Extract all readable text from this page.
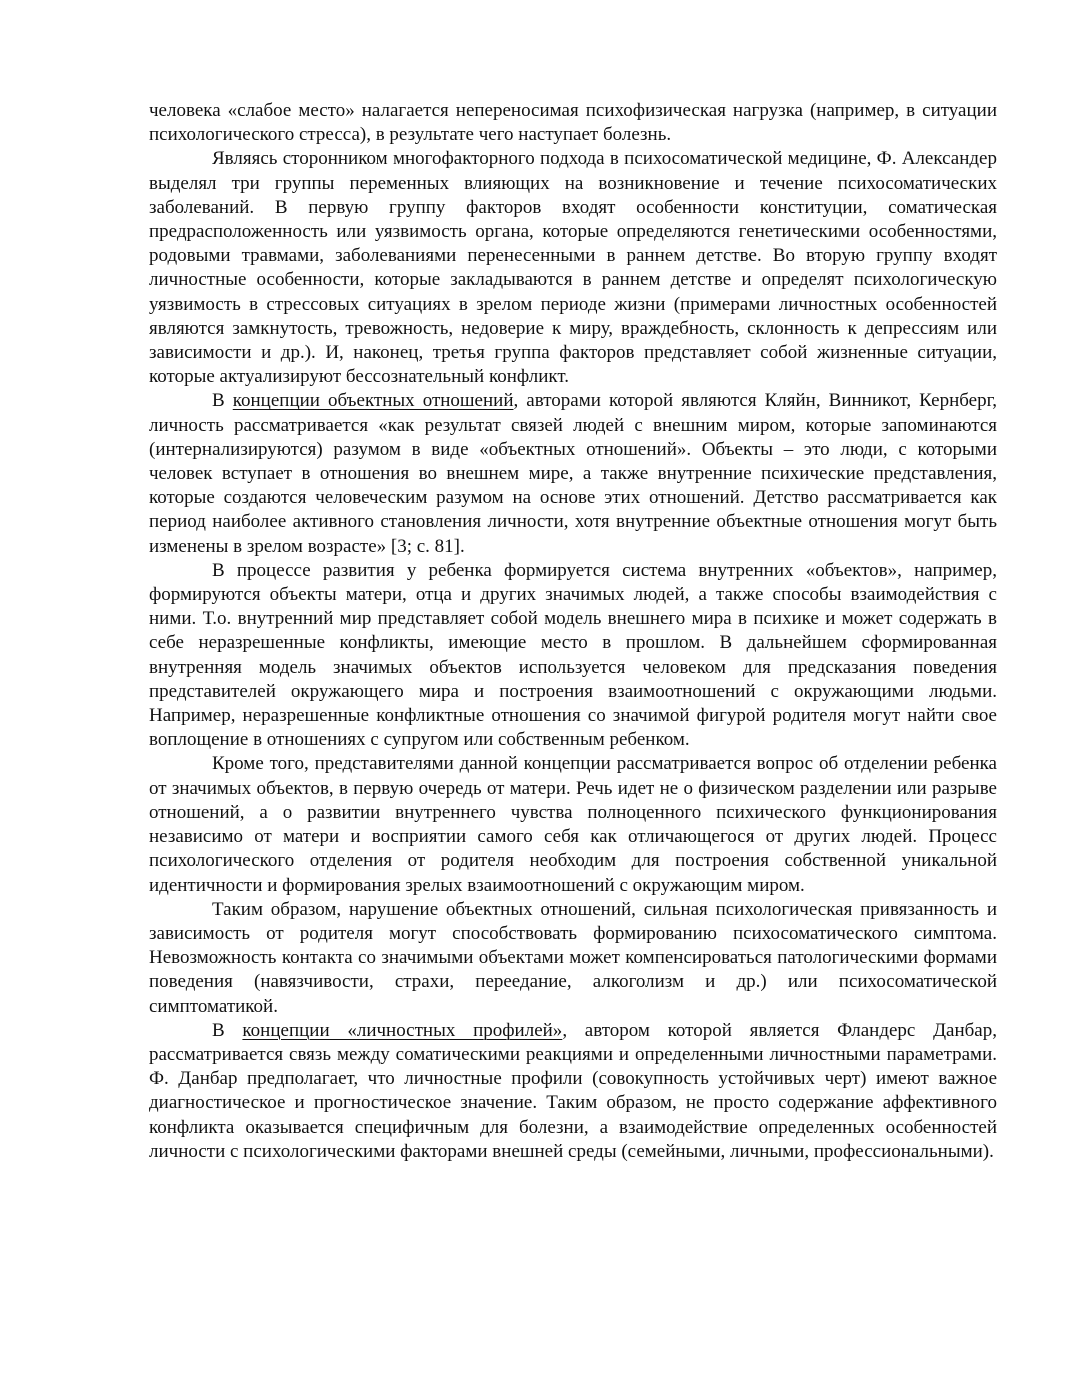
человека «слабое место» налагается непереносимая психофизическая нагрузка (например, в ситуации психологического стресса), в результате чего наступает болезнь.

Являясь сторонником многофакторного подхода в психосоматической медицине, Ф. Александер выделял три группы переменных влияющих на возникновение и течение психосоматических заболеваний. В первую группу факторов входят особенности конституции, соматическая предрасположенность или уязвимость органа, которые определяются генетическими особенностями, родовыми травмами, заболеваниями перенесенными в раннем детстве. Во вторую группу входят личностные особенности, которые закладываются в раннем детстве и определят психологическую уязвимость в стрессовых ситуациях в зрелом периоде жизни (примерами личностных особенностей являются замкнутость, тревожность, недоверие к миру, враждебность, склонность к депрессиям или зависимости и др.). И, наконец, третья группа факторов представляет собой жизненные ситуации, которые актуализируют бессознательный конфликт.

В концепции объектных отношений, авторами которой являются Кляйн, Винникот, Кернберг, личность рассматривается «как результат связей людей с внешним миром, которые запоминаются (интернализируются) разумом в виде «объектных отношений». Объекты – это люди, с которыми человек вступает в отношения во внешнем мире, а также внутренние психические представления, которые создаются человеческим разумом на основе этих отношений. Детство рассматривается как период наиболее активного становления личности, хотя внутренние объектные отношения могут быть изменены в зрелом возрасте» [3; с. 81].

В процессе развития у ребенка формируется система внутренних «объектов», например, формируются объекты матери, отца и других значимых людей, а также способы взаимодействия с ними. Т.о. внутренний мир представляет собой модель внешнего мира в психике и может содержать в себе неразрешенные конфликты, имеющие место в прошлом. В дальнейшем сформированная внутренняя модель значимых объектов используется человеком для предсказания поведения представителей окружающего мира и построения взаимоотношений с окружающими людьми. Например, неразрешенные конфликтные отношения со значимой фигурой родителя могут найти свое воплощение в отношениях с супругом или собственным ребенком.

Кроме того, представителями данной концепции рассматривается вопрос об отделении ребенка от значимых объектов, в первую очередь от матери. Речь идет не о физическом разделении или разрыве отношений, а о развитии внутреннего чувства полноценного психического функционирования независимо от матери и восприятии самого себя как отличающегося от других людей. Процесс психологического отделения от родителя необходим для построения собственной уникальной идентичности и формирования зрелых взаимоотношений с окружающим миром.

Таким образом, нарушение объектных отношений, сильная психологическая привязанность и зависимость от родителя могут способствовать формированию психосоматического симптома. Невозможность контакта со значимыми объектами может компенсироваться патологическими формами поведения (навязчивости, страхи, переедание, алкоголизм и др.) или психосоматической симптоматикой.

В концепции «личностных профилей», автором которой является Фландерс Данбар, рассматривается связь между соматическими реакциями и определенными личностными параметрами. Ф. Данбар предполагает, что личностные профили (совокупность устойчивых черт) имеют важное диагностическое и прогностическое значение. Таким образом, не просто содержание аффективного конфликта оказывается специфичным для болезни, а взаимодействие определенных особенностей личности с психологическими факторами внешней среды (семейными, личными, профессиональными).
